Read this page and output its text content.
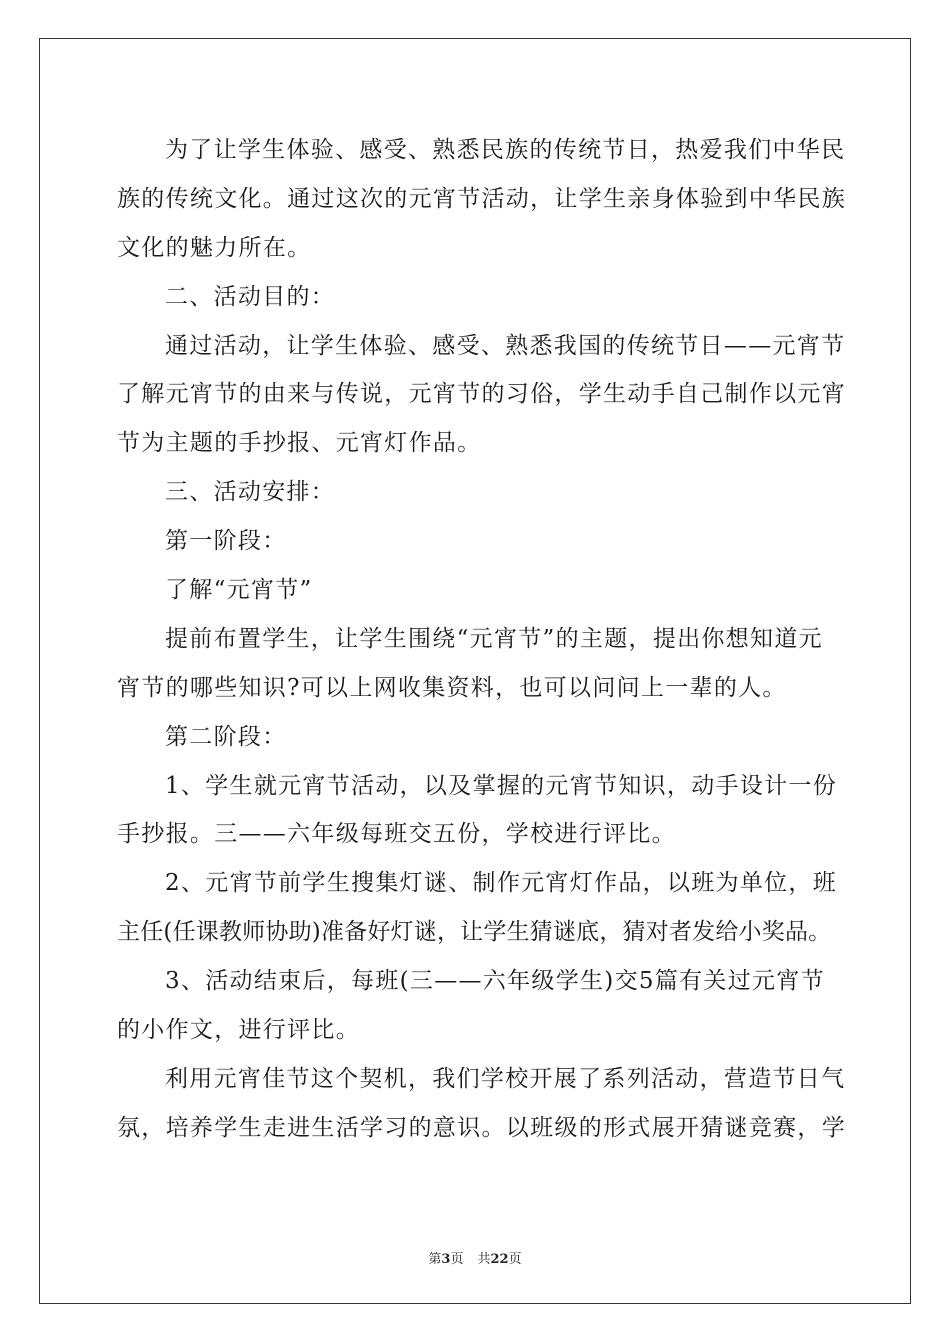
为了让学生体验、感受、熟悉民族的传统节日，热爱我们中华民
族的传统文化。通过这次的元宵节活动，让学生亲身体验到中华民族
文化的魅力所在。
二、活动目的：
通过活动，让学生体验、感受、熟悉我国的传统节日——元宵节
了解元宵节的由来与传说，元宵节的习俗，学生动手自己制作以元宵
节为主题的手抄报、元宵灯作品。
三、活动安排：
第一阶段：
了解“元宵节”
提前布置学生，让学生围绕“元宵节”的主题，提出你想知道元
宵节的哪些知识?可以上网收集资料，也可以问问上一辈的人。
第二阶段：
1、学生就元宵节活动，以及掌握的元宵节知识，动手设计一份
手抄报。三——六年级每班交五份，学校进行评比。
2、元宵节前学生搜集灯谜、制作元宵灯作品，以班为单位，班
主任(任课教师协助)准备好灯谜，让学生猜谜底，猜对者发给小奖品。
3、活动结束后，每班(三——六年级学生)交5篇有关过元宵节
的小作文，进行评比。
利用元宵佳节这个契机，我们学校开展了系列活动，营造节日气
氛，培养学生走进生活学习的意识。以班级的形式展开猜谜竞赛，学
第3页 共22页
